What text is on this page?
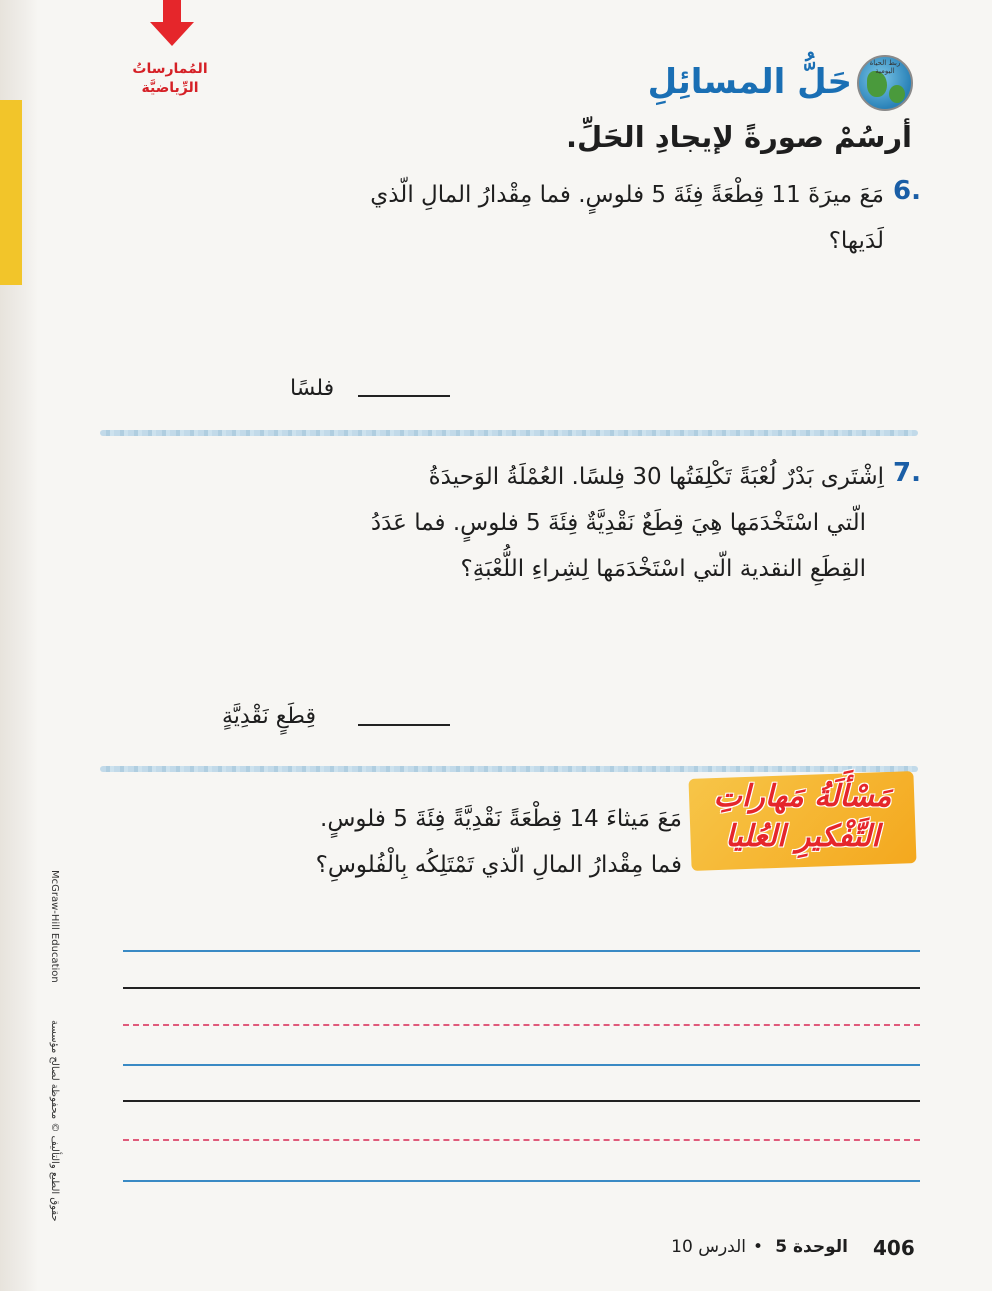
McGraw-Hill Education
حقوق الطبع والتأليف © محفوظة لصالح مؤسسة
المُمارساتُ
الرِّياضيَّة
ربط الحياة اليومية
حَلُّ المسائِلِ
أرسُمْ صورةً لإيجادِ الحَلِّ.
6.
مَعَ ميرَةَ 11 قِطْعَةً فِئَةَ 5 فلوسٍ. فما مِقْدارُ المالِ الّذي
لَدَيها؟
فلسًا
7.
اِشْتَرى بَدْرٌ لُعْبَةً تَكْلِفَتُها 30 فِلسًا. العُمْلَةُ الوَحيدَةُ
الّتي اسْتَخْدَمَها هِيَ قِطَعٌ نَقْدِيَّةٌ فِئَةَ 5 فلوسٍ. فما عَدَدُ
القِطَعِ النقدية الّتي اسْتَخْدَمَها لِشِراءِ اللُّعْبَةِ؟
قِطَعٍ نَقْدِيَّةٍ
مَسْأَلَةُ مَهاراتِ
التَّفْكيرِ العُليا
مَعَ مَيثاءَ 14 قِطْعَةً نَقْدِيَّةً فِئَةَ 5 فلوسٍ.
فما مِقْدارُ المالِ الّذي تَمْتَلِكُه بِالْفُلوسِ؟
الوحدة 5
•
الدرس 10	406
